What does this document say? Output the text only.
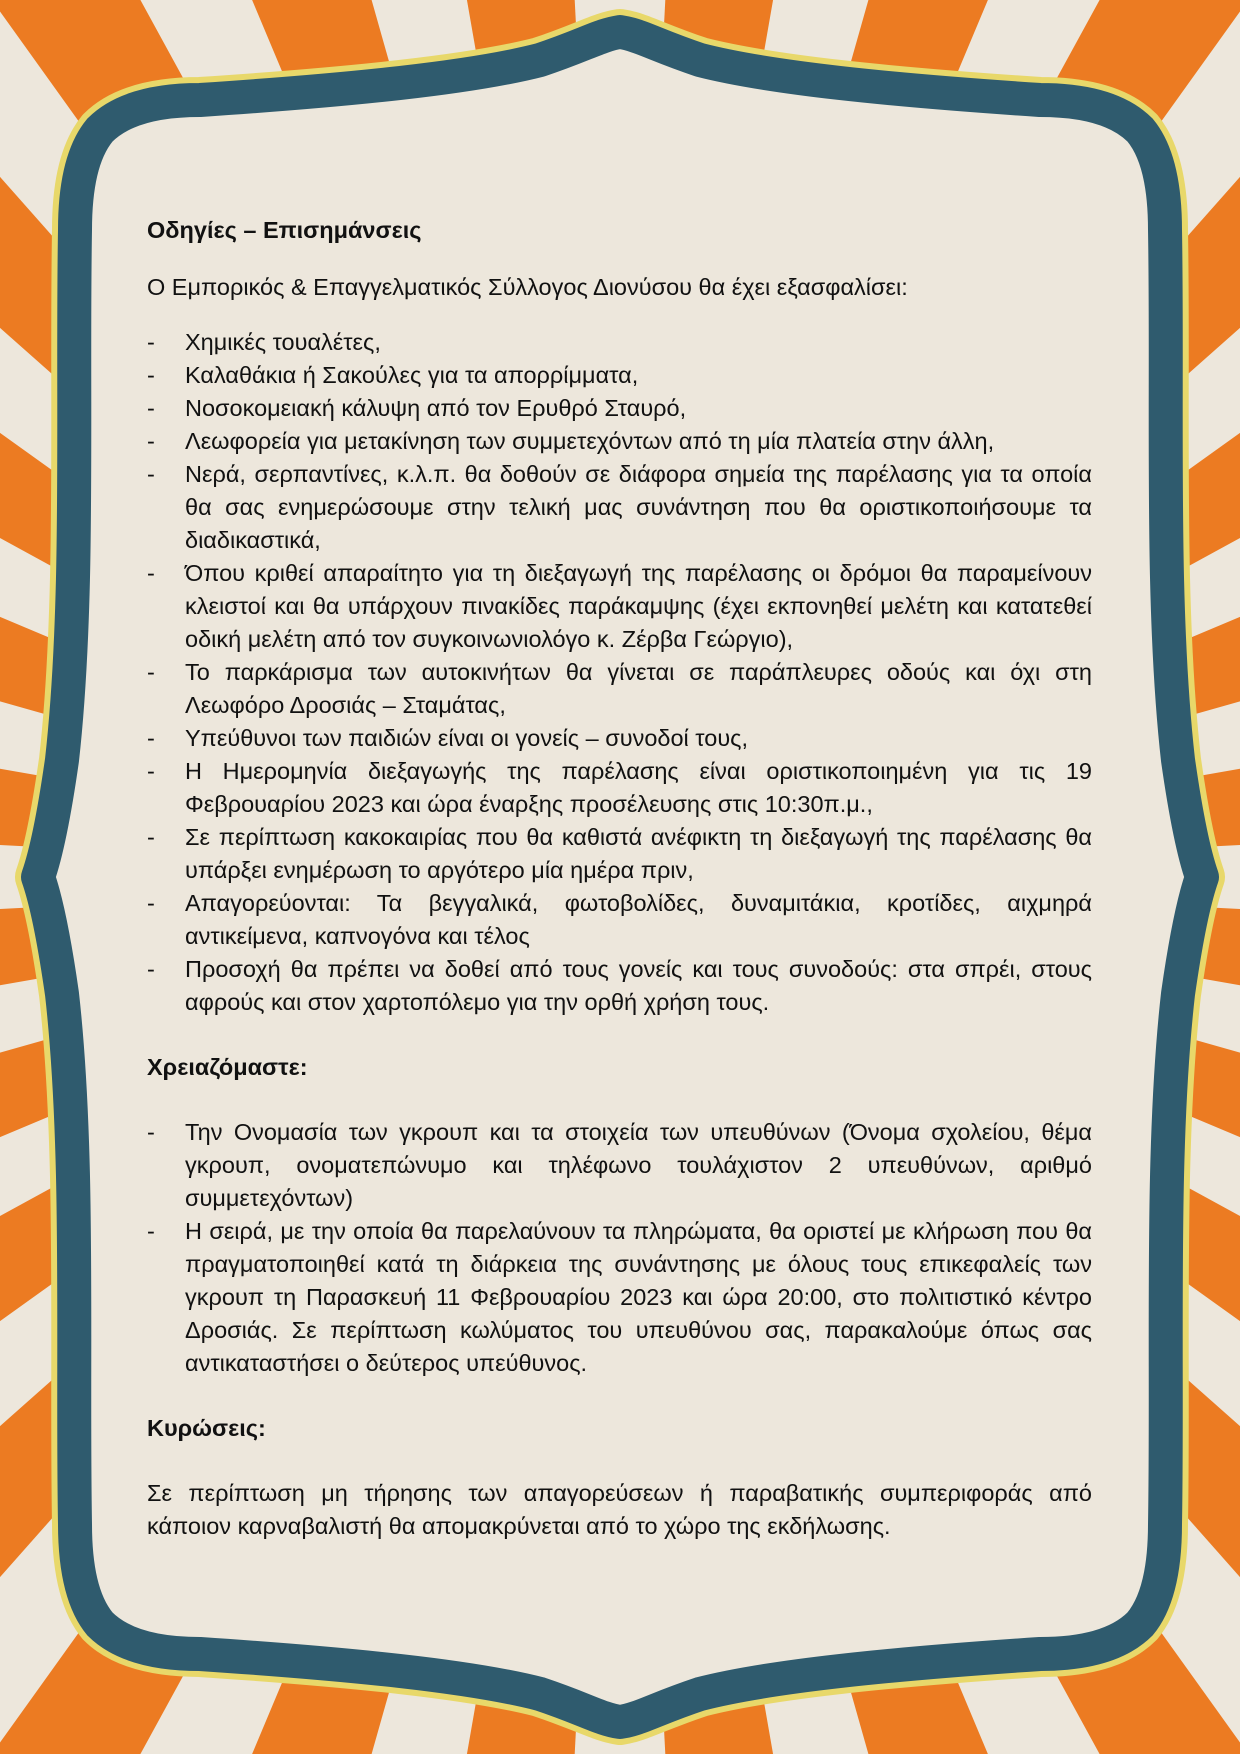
Οδηγίες – Επισημάνσεις

Ο Εμπορικός & Επαγγελματικός Σύλλογος Διονύσου θα έχει εξασφαλίσει:

- Χημικές τουαλέτες,
- Καλαθάκια ή Σακούλες για τα απορρίμματα,
- Νοσοκομειακή κάλυψη από τον Ερυθρό Σταυρό,
- Λεωφορεία για μετακίνηση των συμμετεχόντων από τη μία πλατεία στην άλλη,
- Νερά, σερπαντίνες, κ.λ.π. θα δοθούν σε διάφορα σημεία της παρέλασης για τα οποία θα σας ενημερώσουμε στην τελική μας συνάντηση που θα οριστικοποιήσουμε τα διαδικαστικά,
- Όπου κριθεί απαραίτητο για τη διεξαγωγή της παρέλασης οι δρόμοι θα παραμείνουν κλειστοί και θα υπάρχουν πινακίδες παράκαμψης (έχει εκπονηθεί μελέτη και κατατεθεί οδική μελέτη από τον συγκοινωνιολόγο κ. Ζέρβα Γεώργιο),
- Το παρκάρισμα των αυτοκινήτων θα γίνεται σε παράπλευρες οδούς και όχι στη Λεωφόρο Δροσιάς – Σταμάτας,
- Υπεύθυνοι των παιδιών είναι οι γονείς – συνοδοί τους,
- Η Ημερομηνία διεξαγωγής της παρέλασης είναι οριστικοποιημένη για τις 19 Φεβρουαρίου 2023 και ώρα έναρξης προσέλευσης στις 10:30π.μ.,
- Σε περίπτωση κακοκαιρίας που θα καθιστά ανέφικτη τη διεξαγωγή της παρέλασης θα υπάρξει ενημέρωση το αργότερο μία ημέρα πριν,
- Απαγορεύονται: Τα βεγγαλικά, φωτοβολίδες, δυναμιτάκια, κροτίδες, αιχμηρά αντικείμενα, καπνογόνα και τέλος
- Προσοχή θα πρέπει να δοθεί από τους γονείς και τους συνοδούς: στα σπρέι, στους αφρούς και στον χαρτοπόλεμο για την ορθή χρήση τους.

Χρειαζόμαστε:

- Την Ονομασία των γκρουπ και τα στοιχεία των υπευθύνων (Όνομα σχολείου, θέμα γκρουπ, ονοματεπώνυμο και τηλέφωνο τουλάχιστον 2 υπευθύνων, αριθμό συμμετεχόντων)
- Η σειρά, με την οποία θα παρελαύνουν τα πληρώματα, θα οριστεί με κλήρωση που θα πραγματοποιηθεί κατά τη διάρκεια της συνάντησης με όλους τους επικεφαλείς των γκρουπ τη Παρασκευή 11 Φεβρουαρίου 2023 και ώρα 20:00, στο πολιτιστικό κέντρο Δροσιάς. Σε περίπτωση κωλύματος του υπευθύνου σας, παρακαλούμε όπως σας αντικαταστήσει ο δεύτερος υπεύθυνος.

Κυρώσεις:

Σε περίπτωση μη τήρησης των απαγορεύσεων ή παραβατικής συμπεριφοράς από κάποιον καρναβαλιστή θα απομακρύνεται από το χώρο της εκδήλωσης.
